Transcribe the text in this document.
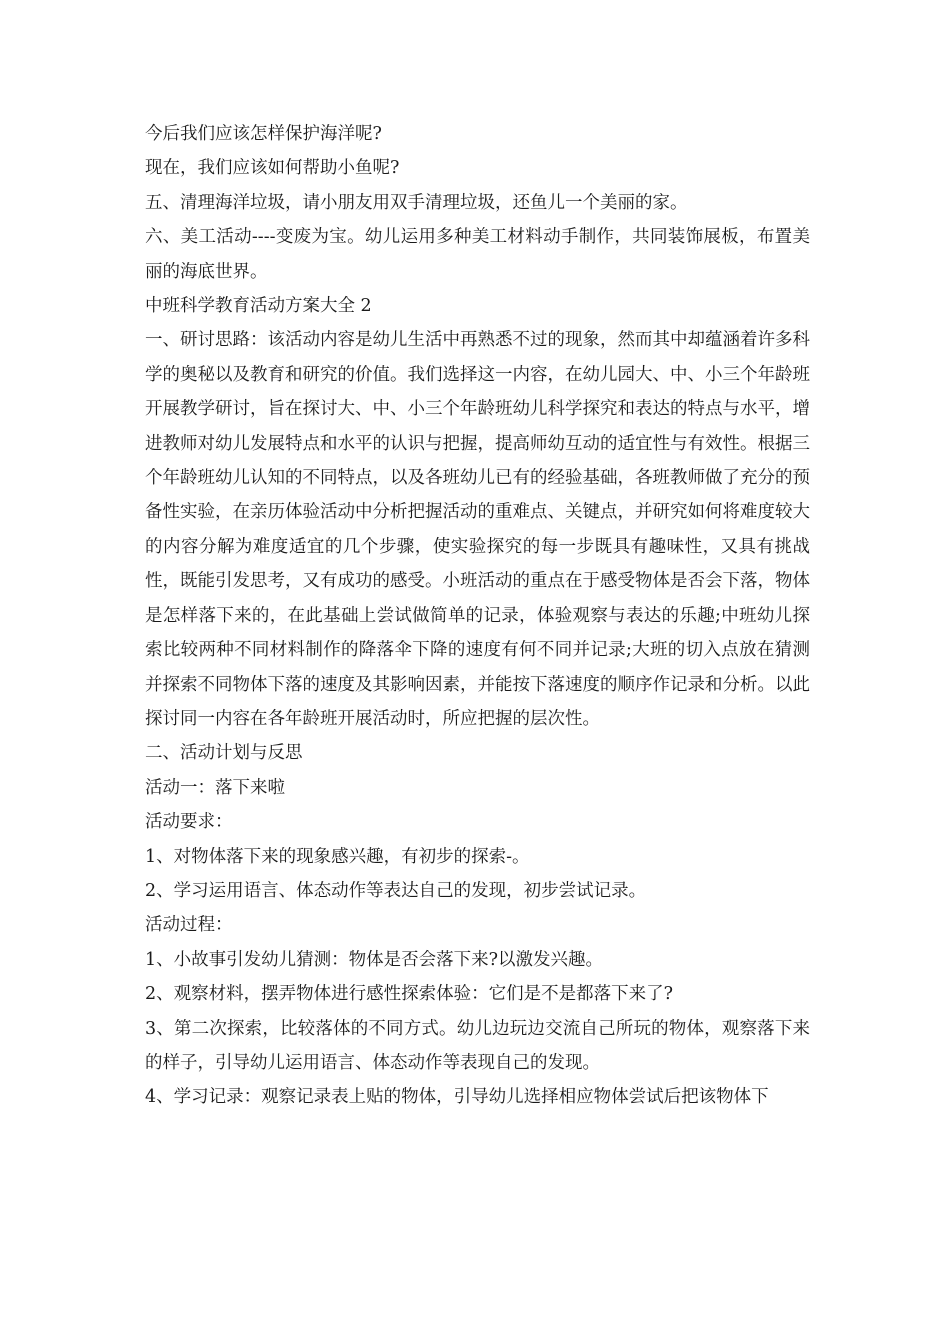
今后我们应该怎样保护海洋呢?

现在，我们应该如何帮助小鱼呢?

五、清理海洋垃圾，请小朋友用双手清理垃圾，还鱼儿一个美丽的家。

六、美工活动----变废为宝。幼儿运用多种美工材料动手制作，共同装饰展板，布置美丽的海底世界。

中班科学教育活动方案大全 2

一、研讨思路：该活动内容是幼儿生活中再熟悉不过的现象，然而其中却蕴涵着许多科学的奥秘以及教育和研究的价值。我们选择这一内容，在幼儿园大、中、小三个年龄班开展教学研讨，旨在探讨大、中、小三个年龄班幼儿科学探究和表达的特点与水平，增进教师对幼儿发展特点和水平的认识与把握，提高师幼互动的适宜性与有效性。根据三个年龄班幼儿认知的不同特点，以及各班幼儿已有的经验基础，各班教师做了充分的预备性实验，在亲历体验活动中分析把握活动的重难点、关键点，并研究如何将难度较大的内容分解为难度适宜的几个步骤，使实验探究的每一步既具有趣味性，又具有挑战性，既能引发思考，又有成功的感受。小班活动的重点在于感受物体是否会下落，物体是怎样落下来的，在此基础上尝试做简单的记录，体验观察与表达的乐趣;中班幼儿探索比较两种不同材料制作的降落伞下降的速度有何不同并记录;大班的切入点放在猜测并探索不同物体下落的速度及其影响因素，并能按下落速度的顺序作记录和分析。以此探讨同一内容在各年龄班开展活动时，所应把握的层次性。

二、活动计划与反思

活动一：落下来啦

活动要求：

1、对物体落下来的现象感兴趣，有初步的探索-。

2、学习运用语言、体态动作等表达自己的发现，初步尝试记录。

活动过程：

1、小故事引发幼儿猜测：物体是否会落下来?以激发兴趣。

2、观察材料，摆弄物体进行感性探索体验：它们是不是都落下来了?

3、第二次探索，比较落体的不同方式。幼儿边玩边交流自己所玩的物体，观察落下来的样子，引导幼儿运用语言、体态动作等表现自己的发现。

4、学习记录：观察记录表上贴的物体，引导幼儿选择相应物体尝试后把该物体下
